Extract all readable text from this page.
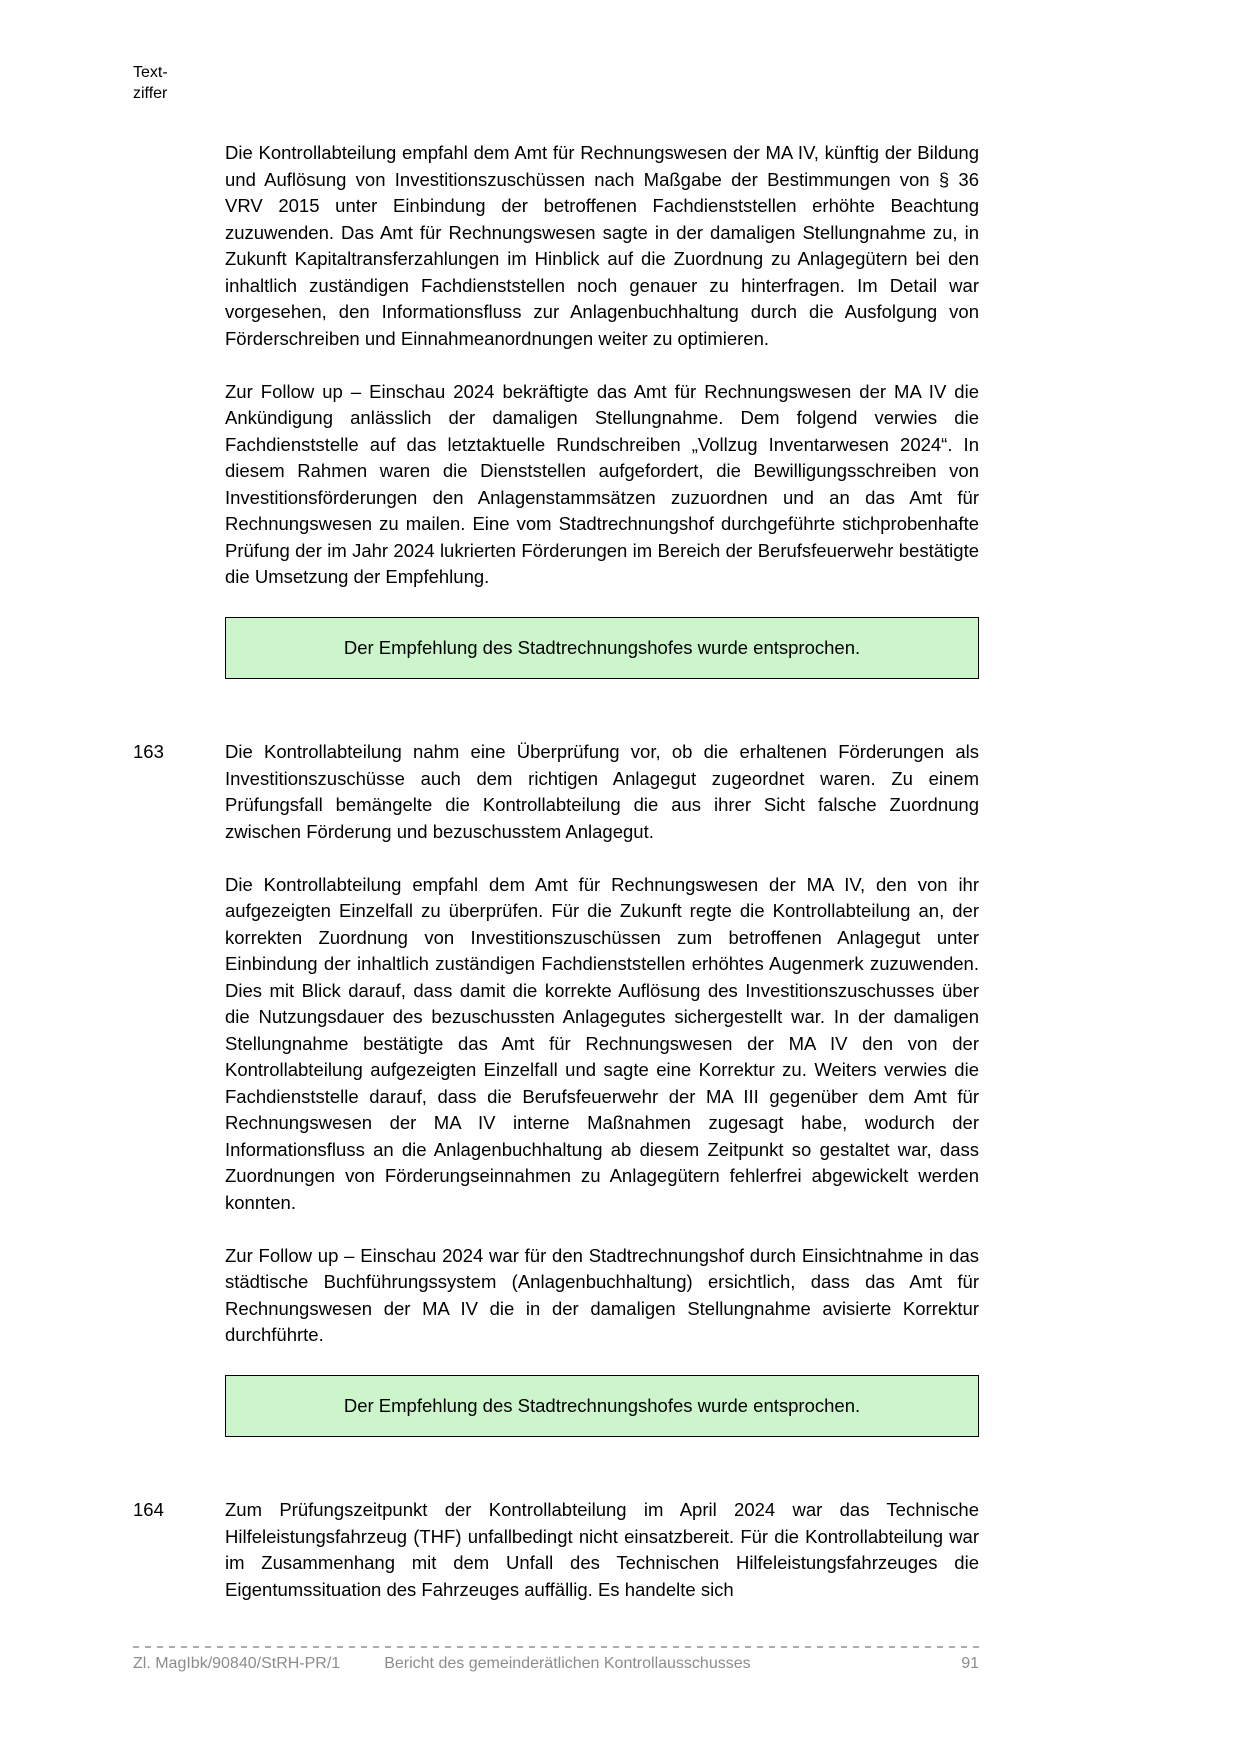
Text-
ziffer

Die Kontrollabteilung empfahl dem Amt für Rechnungswesen der MA IV, künftig der Bildung und Auflösung von Investitionszuschüssen nach Maßgabe der Bestimmungen von § 36 VRV 2015 unter Einbindung der betroffenen Fachdienststellen erhöhte Beachtung zuzuwenden. Das Amt für Rechnungswesen sagte in der damaligen Stellungnahme zu, in Zukunft Kapitaltransferzahlungen im Hinblick auf die Zuordnung zu Anlagegütern bei den inhaltlich zuständigen Fachdienststellen noch genauer zu hinterfragen. Im Detail war vorgesehen, den Informationsfluss zur Anlagenbuchhaltung durch die Ausfolgung von Förderschreiben und Einnahmeanordnungen weiter zu optimieren.

Zur Follow up – Einschau 2024 bekräftigte das Amt für Rechnungswesen der MA IV die Ankündigung anlässlich der damaligen Stellungnahme. Dem folgend verwies die Fachdienststelle auf das letztaktuelle Rundschreiben „Vollzug Inventarwesen 2024“. In diesem Rahmen waren die Dienststellen aufgefordert, die Bewilligungsschreiben von Investitionsförderungen den Anlagenstammsätzen zuzuordnen und an das Amt für Rechnungswesen zu mailen. Eine vom Stadtrechnungshof durchgeführte stichprobenhafte Prüfung der im Jahr 2024 lukrierten Förderungen im Bereich der Berufsfeuerwehr bestätigte die Umsetzung der Empfehlung.

Der Empfehlung des Stadtrechnungshofes wurde entsprochen.
163	Die Kontrollabteilung nahm eine Überprüfung vor, ob die erhaltenen Förderungen als Investitionszuschüsse auch dem richtigen Anlagegut zugeordnet waren. Zu einem Prüfungsfall bemängelte die Kontrollabteilung die aus ihrer Sicht falsche Zuordnung zwischen Förderung und bezuschusstem Anlagegut.

Die Kontrollabteilung empfahl dem Amt für Rechnungswesen der MA IV, den von ihr aufgezeigten Einzelfall zu überprüfen. Für die Zukunft regte die Kontrollabteilung an, der korrekten Zuordnung von Investitionszuschüssen zum betroffenen Anlagegut unter Einbindung der inhaltlich zuständigen Fachdienststellen erhöhtes Augenmerk zuzuwenden. Dies mit Blick darauf, dass damit die korrekte Auflösung des Investitionszuschusses über die Nutzungsdauer des bezuschussten Anlagegutes sichergestellt war. In der damaligen Stellungnahme bestätigte das Amt für Rechnungswesen der MA IV den von der Kontrollabteilung aufgezeigten Einzelfall und sagte eine Korrektur zu. Weiters verwies die Fachdienststelle darauf, dass die Berufsfeuerwehr der MA III gegenüber dem Amt für Rechnungswesen der MA IV interne Maßnahmen zugesagt habe, wodurch der Informationsfluss an die Anlagenbuchhaltung ab diesem Zeitpunkt so gestaltet war, dass Zuordnungen von Förderungseinnahmen zu Anlagegütern fehlerfrei abgewickelt werden konnten.

Zur Follow up – Einschau 2024 war für den Stadtrechnungshof durch Einsichtnahme in das städtische Buchführungssystem (Anlagenbuchhaltung) ersichtlich, dass das Amt für Rechnungswesen der MA IV die in der damaligen Stellungnahme avisierte Korrektur durchführte.

Der Empfehlung des Stadtrechnungshofes wurde entsprochen.
164	Zum Prüfungszeitpunkt der Kontrollabteilung im April 2024 war das Technische Hilfeleistungsfahrzeug (THF) unfallbedingt nicht einsatzbereit. Für die Kontrollabteilung war im Zusammenhang mit dem Unfall des Technischen Hilfeleistungsfahrzeuges die Eigentumssituation des Fahrzeuges auffällig. Es handelte sich

Zl. MagIbk/90840/StRH-PR/1	Bericht des gemeinderätlichen Kontrollausschusses	91
